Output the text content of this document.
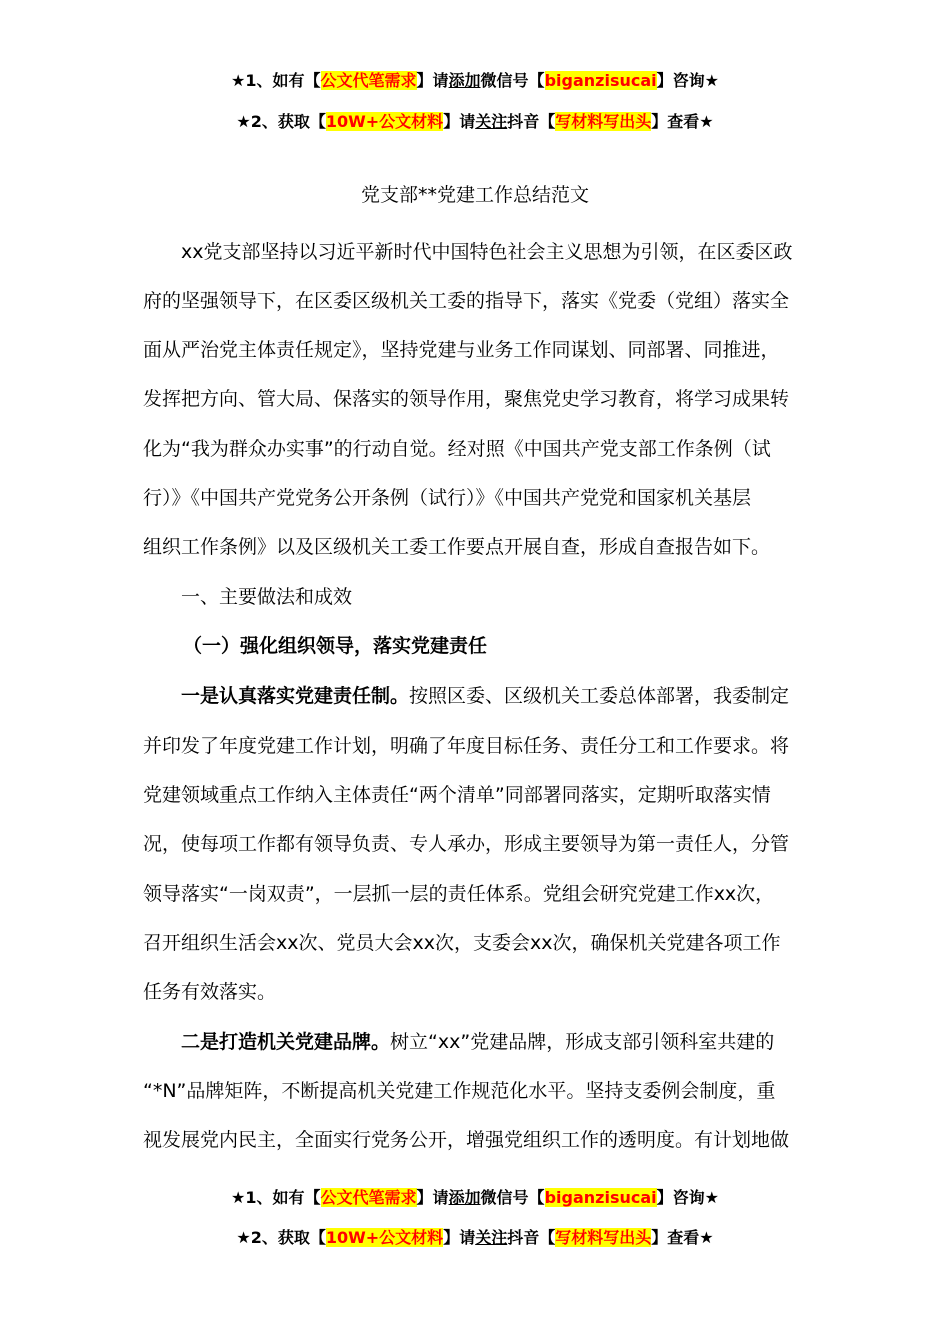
★1、如有【公文代笔需求】请添加微信号【biganzisucai】咨询★
★2、获取【10W+公文材料】请关注抖音【写材料写出头】查看★
党支部**党建工作总结范文
xx党支部坚持以习近平新时代中国特色社会主义思想为引领，在区委区政
府的坚强领导下，在区委区级机关工委的指导下，落实《党委（党组）落实全
面从严治党主体责任规定》，坚持党建与业务工作同谋划、同部署、同推进，
发挥把方向、管大局、保落实的领导作用，聚焦党史学习教育，将学习成果转
化为“我为群众办实事”的行动自觉。经对照《中国共产党支部工作条例（试
行）》《中国共产党党务公开条例（试行）》《中国共产党党和国家机关基层
组织工作条例》以及区级机关工委工作要点开展自查，形成自查报告如下。
一、主要做法和成效
（一）强化组织领导，落实党建责任
一是认真落实党建责任制。按照区委、区级机关工委总体部署，我委制定
并印发了年度党建工作计划，明确了年度目标任务、责任分工和工作要求。将
党建领域重点工作纳入主体责任“两个清单”同部署同落实，定期听取落实情
况，使每项工作都有领导负责、专人承办，形成主要领导为第一责任人，分管
领导落实“一岗双责”，一层抓一层的责任体系。党组会研究党建工作xx次，
召开组织生活会xx次、党员大会xx次，支委会xx次，确保机关党建各项工作
任务有效落实。
二是打造机关党建品牌。树立“xx”党建品牌，形成支部引领科室共建的
“*N”品牌矩阵，不断提高机关党建工作规范化水平。坚持支委例会制度，重
视发展党内民主，全面实行党务公开，增强党组织工作的透明度。有计划地做
★1、如有【公文代笔需求】请添加微信号【biganzisucai】咨询★
★2、获取【10W+公文材料】请关注抖音【写材料写出头】查看★
